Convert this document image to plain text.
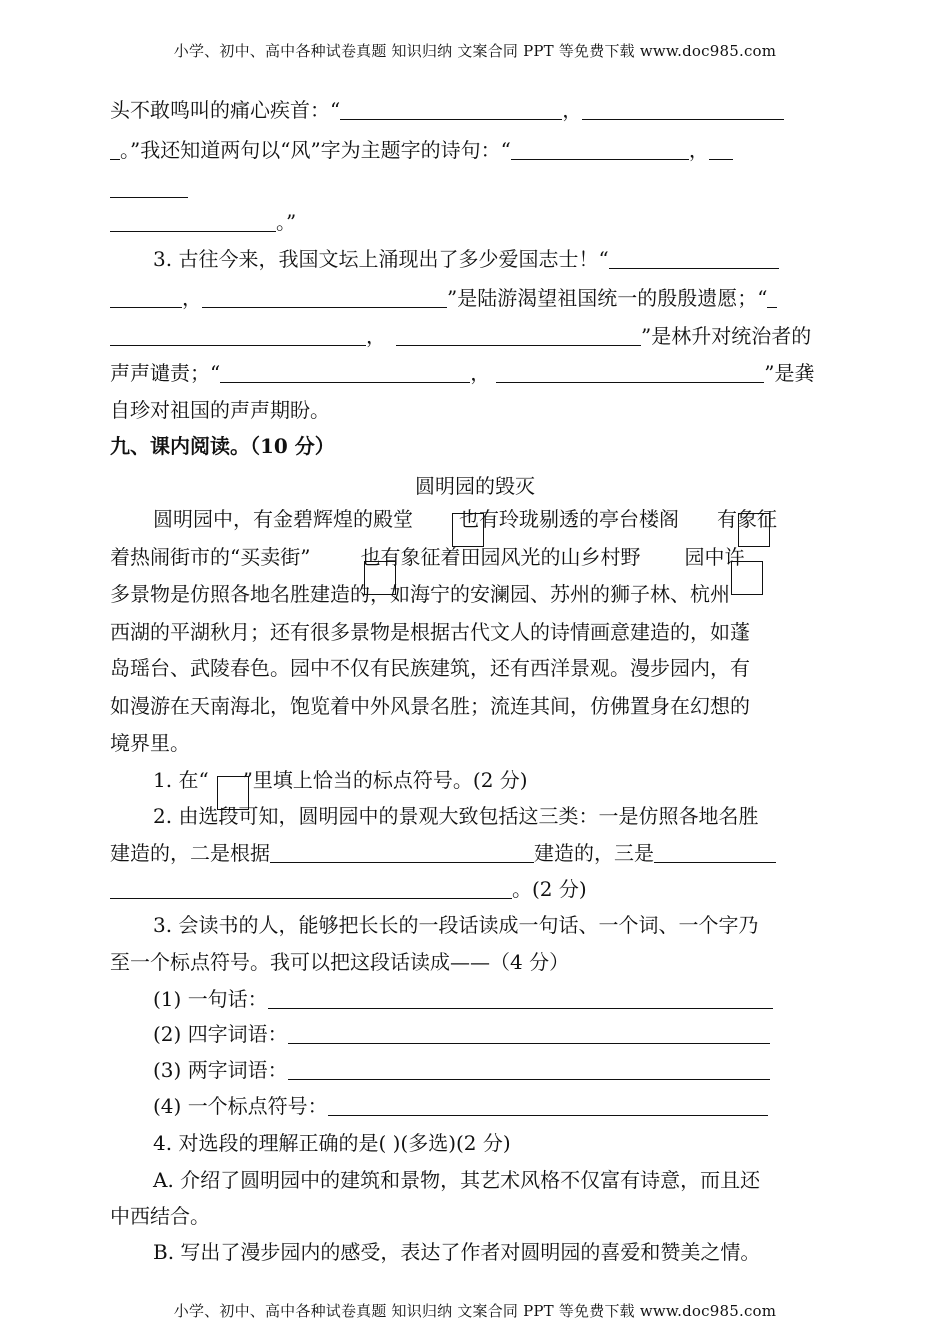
小学、初中、高中各种试卷真题 知识归纳 文案合同 PPT 等免费下载 www.doc985.com
头不敢鸣叫的痛心疾首：“	，
。”我还知道两句以“风”字为主题字的诗句：“	，
。”
3. 古往今来，我国文坛上涌现出了多少爱国志士！“
，	”是陆游渴望祖国统一的殷殷遗愿；“
，	”是林升对统治者的
声声谴责；“	，	”是龚
自珍对祖国的声声期盼。
九、课内阅读。（10 分）
圆明园的毁灭
圆明园中，有金碧辉煌的殿堂 也有玲珑剔透的亭台楼阁 有象征
着热闹街市的“买卖街”	也有象征着田园风光的山乡村野 园中许
多景物是仿照各地名胜建造的，如海宁的安澜园、苏州的狮子林、杭州
西湖的平湖秋月；还有很多景物是根据古代文人的诗情画意建造的，如蓬
岛瑶台、武陵春色。园中不仅有民族建筑，还有西洋景观。漫步园内，有
如漫游在天南海北，饱览着中外风景名胜；流连其间，仿佛置身在幻想的
境界里。
1. 在“ ”里填上恰当的标点符号。(2 分)
2. 由选段可知，圆明园中的景观大致包括这三类：一是仿照各地名胜
建造的，二是根据	建造的，三是
。(2 分)
3. 会读书的人，能够把长长的一段话读成一句话、一个词、一个字乃
至一个标点符号。我可以把这段话读成——（4 分）
(1) 一句话：
(2) 四字词语：
(3) 两字词语：
(4) 一个标点符号：
4. 对选段的理解正确的是( )(多选)(2 分)
A. 介绍了圆明园中的建筑和景物，其艺术风格不仅富有诗意，而且还
中西结合。
B. 写出了漫步园内的感受，表达了作者对圆明园的喜爱和赞美之情。
小学、初中、高中各种试卷真题 知识归纳 文案合同 PPT 等免费下载 www.doc985.com
